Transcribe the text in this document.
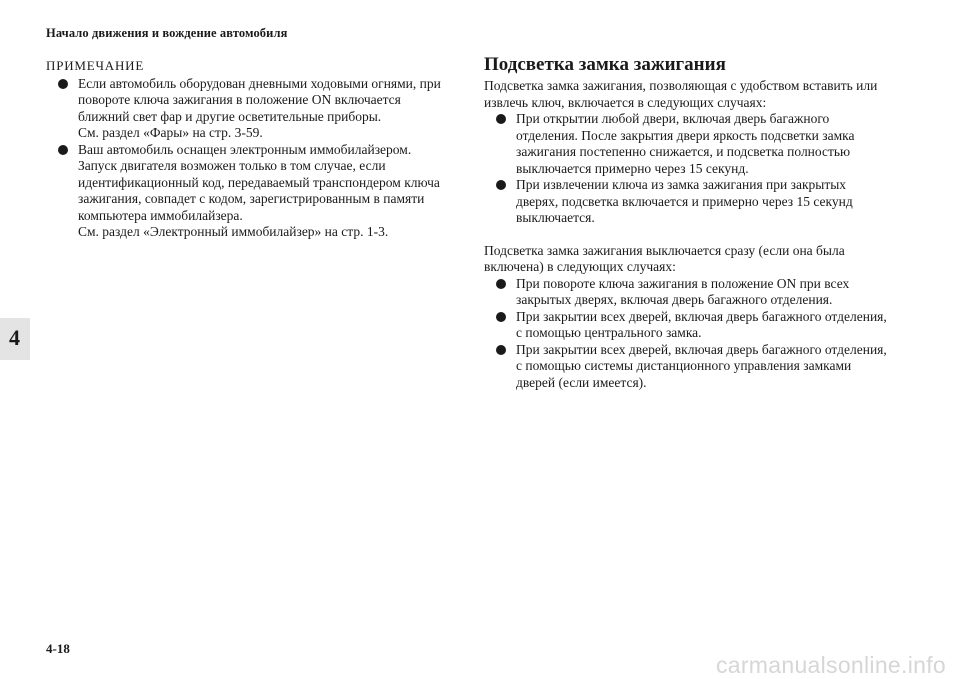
Начало движения и вождение автомобиля
4
ПРИМЕЧАНИЕ
Если автомобиль оборудован дневными ходовыми огнями, при
повороте ключа зажигания в положение ON включается
ближний свет фар и другие осветительные приборы.
См. раздел «Фары» на стр. 3-59.
Ваш автомобиль оснащен электронным иммобилайзером.
Запуск двигателя возможен только в том случае, если
идентификационный код, передаваемый транспондером ключа
зажигания, совпадет с кодом, зарегистрированным в памяти
компьютера иммобилайзера.
См. раздел «Электронный иммобилайзер» на стр. 1-3.
Подсветка замка зажигания
Подсветка замка зажигания, позволяющая с удобством вставить или
извлечь ключ, включается в следующих случаях:
При открытии любой двери, включая дверь багажного
отделения. После закрытия двери яркость подсветки замка
зажигания постепенно снижается, и подсветка полностью
выключается примерно через 15 секунд.
При извлечении ключа из замка зажигания при закрытых
дверях, подсветка включается и примерно через 15 секунд
выключается.
Подсветка замка зажигания выключается сразу (если она была
включена) в следующих случаях:
При повороте ключа зажигания в положение ON при всех
закрытых дверях, включая дверь багажного отделения.
При закрытии всех дверей, включая дверь багажного отделения,
с помощью центрального замка.
При закрытии всех дверей, включая дверь багажного отделения,
с помощью системы дистанционного управления замками
дверей (если имеется).
4-18
carmanualsonline.info
